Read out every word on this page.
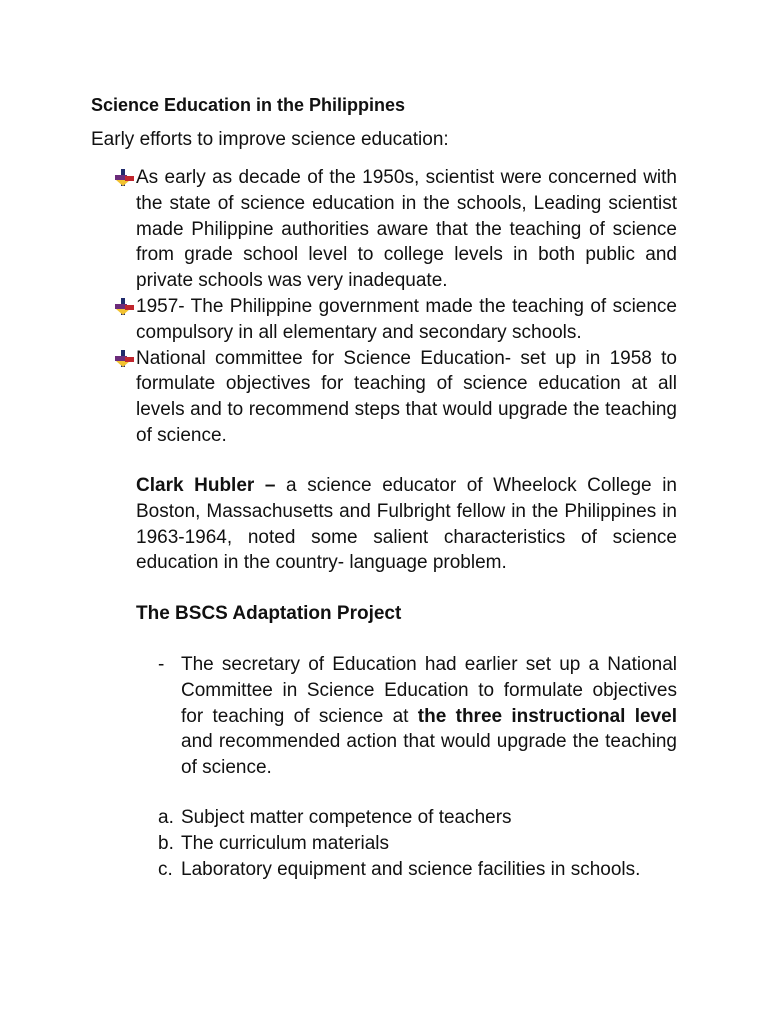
Science Education in the Philippines

Early efforts to improve science education:

As early as decade of the 1950s, scientist were concerned with the state of science education in the schools, Leading scientist made Philippine authorities aware that the teaching of science from grade school level to college levels in both public and private schools was very inadequate.
1957- The Philippine government made the teaching of science compulsory in all elementary and secondary schools.
National committee for Science Education- set up in 1958 to formulate objectives for teaching of science education at all levels and to recommend steps that would upgrade the teaching of science.

Clark Hubler – a science educator of Wheelock College in Boston, Massachusetts and Fulbright fellow in the Philippines in 1963-1964, noted some salient characteristics of science education in the country- language problem.

The BSCS Adaptation Project
- The secretary of Education had earlier set up a National Committee in Science Education to formulate objectives for teaching of science at the three instructional level and recommended action that would upgrade the teaching of science.
a. Subject matter competence of teachers
b. The curriculum materials
c. Laboratory equipment and science facilities in schools.
